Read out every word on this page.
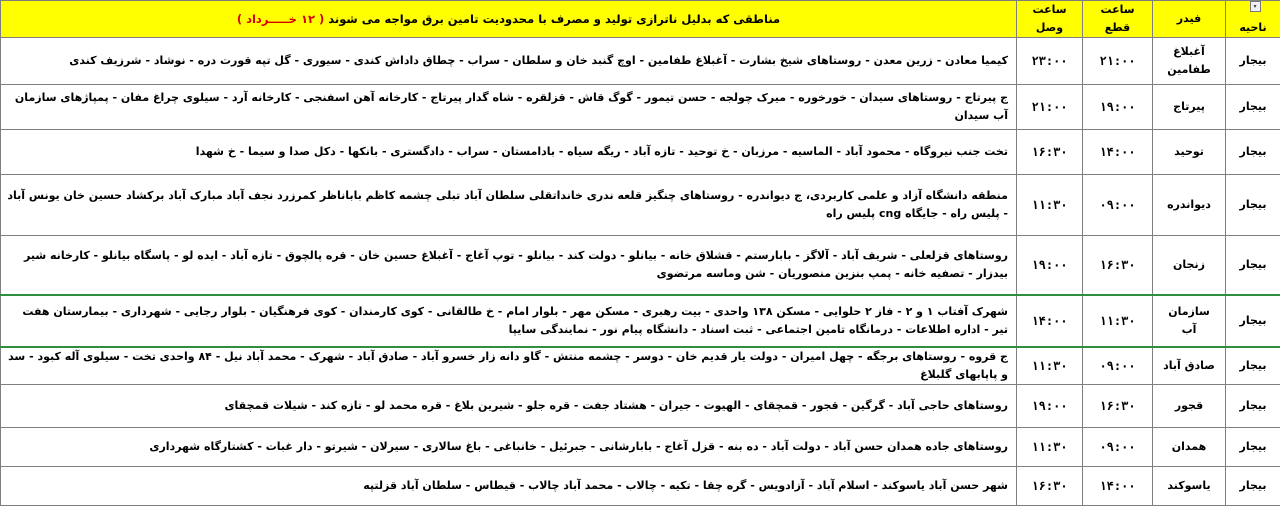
▾ناحیه	فیدر	ساعت قطع	ساعت وصل	مناطقی که بدلیل ناترازی تولید و مصرف با محدودیت تامین برق مواجه می شوند ( ۱۲ خـــــرداد )
بیجار	آغبلاغ طفامین	۲۱:۰۰	۲۳:۰۰	کیمیا معادن - زرین معدن - روستاهای شیخ بشارت - آغبلاغ طفامین - اوچ گنبد خان و سلطان - سراب - چطاق داداش کندی - سیوری - گل تپه قورت دره - نوشاد - شرزیف کندی
بیجار	پیرتاج	۱۹:۰۰	۲۱:۰۰	ج پیرتاج - روستاهای سیدان - خورخوره - میرک چولجه - حسن تیمور - گوگ قاش - قزلقره - شاه گدار پیرتاج - کارخانه آهن اسفنجی - کارخانه آرد - سیلوی چراغ مفان - پمپاژهای سازمان آب سیدان
بیجار	توحید	۱۴:۰۰	۱۶:۳۰	تخت جنب نیروگاه - محمود آباد - الماسیه - مرزبان - خ توحید - تازه آباد - ریگه سیاه - بادامستان - سراب - دادگستری - بانکها - دکل صدا و سیما - خ شهدا
بیجار	دیواندره	۰۹:۰۰	۱۱:۳۰	منطقه دانشگاه آزاد و علمی کاربردی، ج دیواندره - روستاهای چنگیز قلعه ندری خانداتقلی سلطان آباد تبلی چشمه کاظم باباناظر کمرزرد نجف آباد مبارک آباد برکشاد حسین خان یونس آباد - پلیس راه - جایگاه cng پلیس راه
بیجار	زنجان	۱۶:۳۰	۱۹:۰۰	روستاهای قزلعلی - شریف آباد - آلاگز - بابارستم - قشلاق خانه - بیانلو - دولت کند - بیانلو - توپ آغاج - آغبلاغ حسین خان - قره پالچوق - تازه آباد - ایده لو - پاسگاه بیانلو - کارخانه شیر بیدزار - تصفیه خانه - پمپ بنزین منصوریان - شن وماسه مرتضوی
بیجار	سازمان آب	۱۱:۳۰	۱۴:۰۰	شهرک آفتاب ۱ و ۲ - فاز ۲ حلوایی - مسکن ۱۳۸ واحدی - بیت رهبری - مسکن مهر - بلوار امام - خ طالقانی - کوی کارمندان - کوی فرهنگیان - بلوار رجایی - شهرداری - بیمارستان هفت تیر - اداره اطلاعات - درمانگاه تامین اجتماعی - ثبت اسناد - دانشگاه پیام نور - نمایندگی سایپا
بیجار	صادق آباد	۰۹:۰۰	۱۱:۳۰	ج قروه - روستاهای برجگه - چهل امیران - دولت یار قدیم خان - دوسر - چشمه منتش - گاو دانه زار خسرو آباد - صادق آباد - شهرک - محمد آباد نیل - ۸۴ واحدی تخت - سیلوی آله کبود - سد و پاپابهای گلبلاغ
بیجار	قجور	۱۶:۳۰	۱۹:۰۰	روستاهای حاجی آباد - گرگین - قجور - قمچقای - الهیوت - جیران - هشتاد جفت - قره جلو - شیرین بلاغ - قره محمد لو - تازه کند - شیلات قمچقای
بیجار	همدان	۰۹:۰۰	۱۱:۳۰	روستاهای جاده همدان حسن آباد - دولت آباد - ده بنه - قزل آغاج - بابارشانی - جبرئیل - خانباغی - باغ سالاری - سیرلان - شیرتو - دار غبات - کشتارگاه شهرداری
بیجار	یاسوکند	۱۴:۰۰	۱۶:۳۰	شهر حسن آباد یاسوکند - اسلام آباد - آزادویس - گره چقا - تکیه - چالاب - محمد آباد چالاب - قیطاس - سلطان آباد قزلتپه
